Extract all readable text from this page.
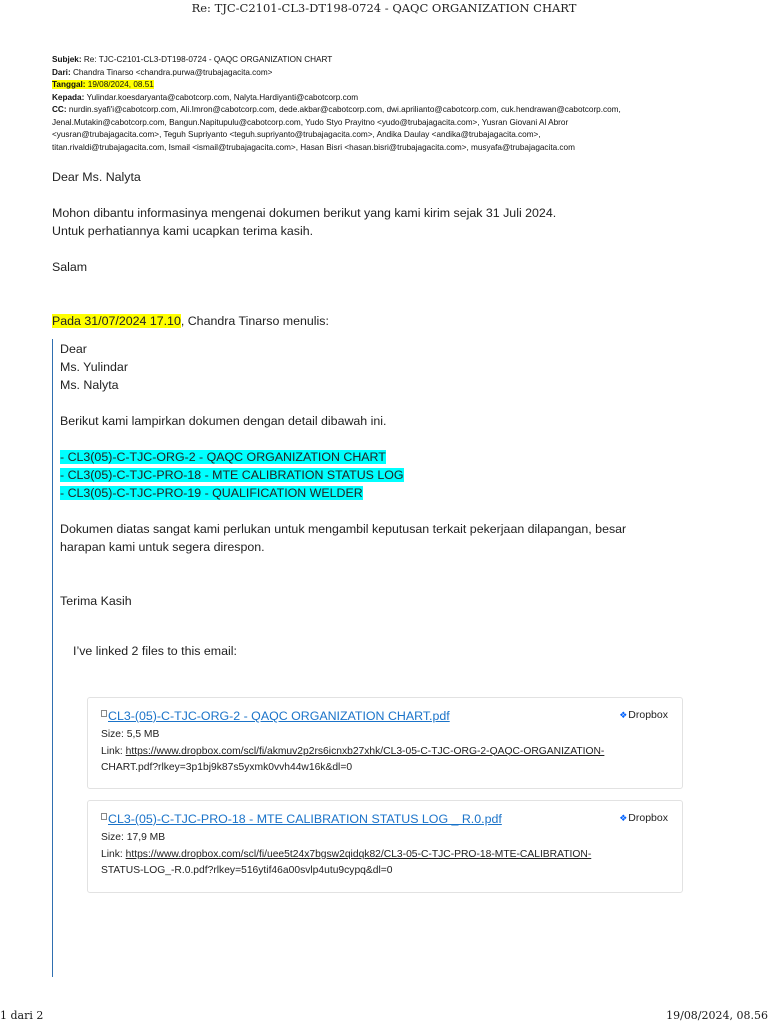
Re: TJC-C2101-CL3-DT198-0724 - QAQC ORGANIZATION CHART
Subjek: Re: TJC-C2101-CL3-DT198-0724 - QAQC ORGANIZATION CHART
Dari: Chandra Tinarso <chandra.purwa@trubajagacita.com>
Tanggal: 19/08/2024, 08.51
Kepada: Yulindar.koesdaryanta@cabotcorp.com, Nalyta.Hardiyanti@cabotcorp.com
CC: nurdin.syafi'i@cabotcorp.com, Ali.Imron@cabotcorp.com, dede.akbar@cabotcorp.com, dwi.aprilianto@cabotcorp.com, cuk.hendrawan@cabotcorp.com,
Jenal.Mutakin@cabotcorp.com, Bangun.Napitupulu@cabotcorp.com, Yudo Styo Prayitno <yudo@trubajagacita.com>, Yusran Giovani Al Abror
<yusran@trubajagacita.com>, Teguh Supriyanto <teguh.supriyanto@trubajagacita.com>, Andika Daulay <andika@trubajagacita.com>,
titan.rivaldi@trubajagacita.com, Ismail <ismail@trubajagacita.com>, Hasan Bisri <hasan.bisri@trubajagacita.com>, musyafa@trubajagacita.com

Dear Ms. Nalyta

Mohon dibantu informasinya mengenai dokumen berikut yang kami kirim sejak 31 Juli 2024.

Untuk perhatiannya kami ucapkan terima kasih.

Salam

Pada 31/07/2024 17.10, Chandra Tinarso menulis:

Dear

Ms. Yulindar

Ms. Nalyta

Berikut kami lampirkan dokumen dengan detail dibawah ini.

- CL3(05)-C-TJC-ORG-2 - QAQC ORGANIZATION CHART

- CL3(05)-C-TJC-PRO-18 - MTE CALIBRATION STATUS LOG

- CL3(05)-C-TJC-PRO-19 - QUALIFICATION WELDER

Dokumen diatas sangat kami perlukan untuk mengambil keputusan terkait pekerjaan dilapangan, besar

harapan kami untuk segera direspon.

Terima Kasih

I’ve linked 2 files to this email:
CL3-(05)-C-TJC-ORG-2 - QAQC ORGANIZATION CHART.pdf	❖Dropbox
Size: 5,5 MB
Link: https://www.dropbox.com/scl/fi/akmuv2p2rs6icnxb27xhk/CL3-05-C-TJC-ORG-2-QAQC-ORGANIZATION-
CHART.pdf?rlkey=3p1bj9k87s5yxmk0vvh44w16k&dl=0
CL3-(05)-C-TJC-PRO-18 - MTE CALIBRATION STATUS LOG _ R.0.pdf	❖Dropbox
Size: 17,9 MB
Link: https://www.dropbox.com/scl/fi/uee5t24x7bgsw2qidqk82/CL3-05-C-TJC-PRO-18-MTE-CALIBRATION-
STATUS-LOG_-R.0.pdf?rlkey=516ytif46a00svlp4utu9cypq&dl=0
1 dari 2	19/08/2024, 08.56
